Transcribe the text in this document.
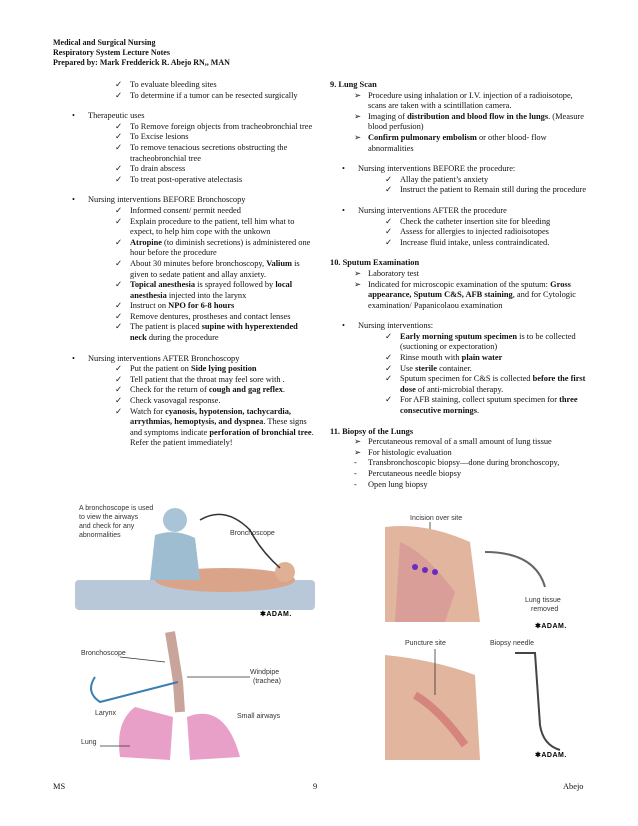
Medical and Surgical Nursing
Respiratory System Lecture Notes
Prepared by: Mark Fredderick R. Abejo RN,, MAN
✓ To evaluate bleeding sites
✓ To determine if a tumor can be resected surgically
• Therapeutic uses
✓ To Remove foreign objects from tracheobronchial tree
✓ To Excise lesions
✓ To remove tenacious secretions obstructing the tracheobronchial tree
✓ To drain abscess
✓ To treat post-operative atelectasis
• Nursing interventions BEFORE Bronchoscopy
✓ Informed consent/ permit needed
✓ Explain procedure to the patient, tell him what to expect, to help him cope with the unkown
✓ Atropine (to diminish secretions) is administered one hour before the procedure
✓ About 30 minutes before bronchoscopy, Valium is given to sedate patient and allay anxiety.
✓ Topical anesthesia is sprayed followed by local anesthesia injected into the larynx
✓ Instruct on NPO for 6-8 hours
✓ Remove dentures, prostheses and contact lenses
✓ The patient is placed supine with hyperextended neck during the procedure
• Nursing interventions AFTER Bronchoscopy
✓ Put the patient on Side lying position
✓ Tell patient that the throat may feel sore with .
✓ Check for the return of cough and gag reflex.
✓ Check vasovagal response.
✓ Watch for cyanosis, hypotension, tachycardia, arrythmias, hemoptysis, and dyspnea. These signs and symptoms indicate perforation of bronchial tree. Refer the patient immediately!
9. Lung Scan
➢ Procedure using inhalation or I.V. injection of a radioisotope, scans are taken with a scintillation camera.
➢ Imaging of distribution and blood flow in the lungs. (Measure blood perfusion)
➢ Confirm pulmonary embolism or other blood- flow abnormalities
• Nursing interventions BEFORE the procedure:
✓ Allay the patient’s anxiety
✓ Instruct the patient to Remain still during the procedure
• Nursing interventions AFTER the procedure
✓ Check the catheter insertion site for bleeding
✓ Assess for allergies to injected radioisotopes
✓ Increase fluid intake, unless contraindicated.
10. Sputum Examination
➢ Laboratory test
➢ Indicated for microscopic examination of the sputum: Gross appearance, Sputum C&S, AFB staining, and for Cytologic examination/ Papanicolaou examination
• Nursing interventions:
✓ Early morning sputum specimen is to be collected (suctioning or expectoration)
✓ Rinse mouth with plain water
✓ Use sterile container.
✓ Sputum specimen for C&S is collected before the first dose of anti-microbial therapy.
✓ For AFB staining, collect sputum specimen for three consecutive mornings.
11. Biopsy of the Lungs
➢ Percutaneous removal of a small amount of lung tissue
➢ For histologic evaluation
- Transbronchoscopic biopsy—done during bronchoscopy,
- Percutaneous needle biopsy
- Open lung biopsy
A bronchoscope is used
to view the airways
and check for any
abnormalities	Bronchoscope
✱ADAM.
Bronchoscope
Windpipe
(trachea)
Larynx	Small airways
Lung
Incision over site
Lung tissue
removed
✱ADAM.
Puncture site	Biopsy needle
✱ADAM.
MS	9	Abejo
